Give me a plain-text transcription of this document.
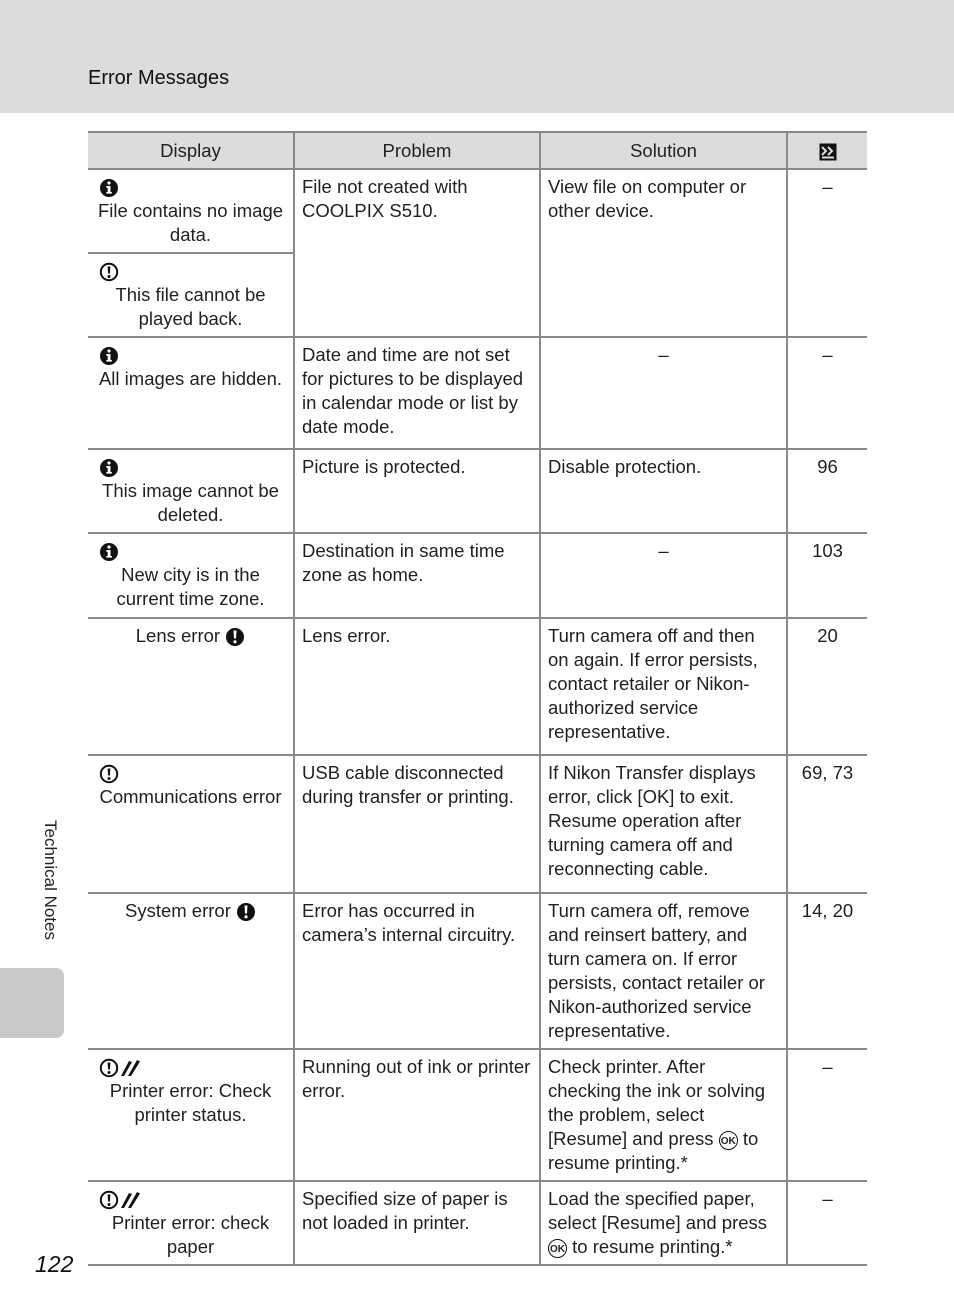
Error Messages
Technical Notes
Display	Problem	Solution	

File contains no image data.	File not created with COOLPIX S510.	View file on computer or other device.	–

This file cannot be played back.			

All images are hidden.	Date and time are not set for pictures to be displayed in calendar mode or list by date mode.	–	–

This image cannot be deleted.	Picture is protected.	Disable protection.	96

New city is in the current time zone.	Destination in same time zone as home.	–	103
Lens error	Lens error.	Turn camera off and then on again. If error persists, contact retailer or Nikon-authorized service representative.	20

Communications error	USB cable disconnected during transfer or printing.	If Nikon Transfer displays error, click [OK] to exit. Resume operation after turning camera off and reconnecting cable.	69, 73
System error	Error has occurred in camera’s internal circuitry.	Turn camera off, remove and reinsert battery, and turn camera on. If error persists, contact retailer or Nikon-authorized service representative.	14, 20

Printer error: Check printer status.	Running out of ink or printer error.	Check printer. After checking the ink or solving the problem, select [Resume] and press OK to resume printing.*	–

Printer error: check paper	Specified size of paper is not loaded in printer.	Load the specified paper, select [Resume] and press OK to resume printing.*	–
122
